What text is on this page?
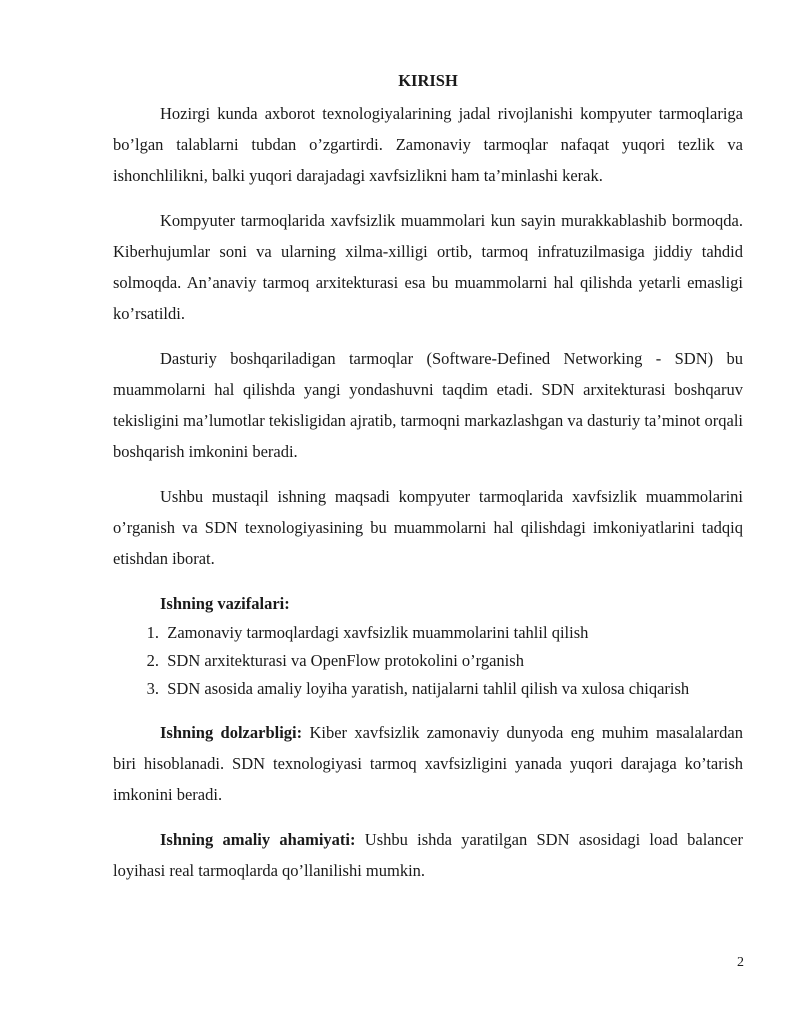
KIRISH

Hozirgi kunda axborot texnologiyalarining jadal rivojlanishi kompyuter tarmoqlariga bo’lgan talablarni tubdan o’zgartirdi. Zamonaviy tarmoqlar nafaqat yuqori tezlik va ishonchlilikni, balki yuqori darajadagi xavfsizlikni ham ta’minlashi kerak.

Kompyuter tarmoqlarida xavfsizlik muammolari kun sayin murakkablashib bormoqda. Kiberhujumlar soni va ularning xilma-xilligi ortib, tarmoq infratuzilmasiga jiddiy tahdid solmoqda. An’anaviy tarmoq arxitekturasi esa bu muammolarni hal qilishda yetarli emasligi ko’rsatildi.

Dasturiy boshqariladigan tarmoqlar (Software-Defined Networking - SDN) bu muammolarni hal qilishda yangi yondashuvni taqdim etadi. SDN arxitekturasi boshqaruv tekisligini ma’lumotlar tekisligidan ajratib, tarmoqni markazlashgan va dasturiy ta’minot orqali boshqarish imkonini beradi.

Ushbu mustaqil ishning maqsadi kompyuter tarmoqlarida xavfsizlik muammolarini o’rganish va SDN texnologiyasining bu muammolarni hal qilishdagi imkoniyatlarini tadqiq etishdan iborat.

Ishning vazifalari:
1.
Zamonaviy tarmoqlardagi xavfsizlik muammolarini tahlil qilish
2.
SDN arxitekturasi va OpenFlow protokolini o’rganish
3.
SDN asosida amaliy loyiha yaratish, natijalarni tahlil qilish va xulosa chiqarish

Ishning dolzarbligi: Kiber xavfsizlik zamonaviy dunyoda eng muhim masalalardan biri hisoblanadi. SDN texnologiyasi tarmoq xavfsizligini yanada yuqori darajaga ko’tarish imkonini beradi.

Ishning amaliy ahamiyati: Ushbu ishda yaratilgan SDN asosidagi load balancer loyihasi real tarmoqlarda qo’llanilishi mumkin.

2
